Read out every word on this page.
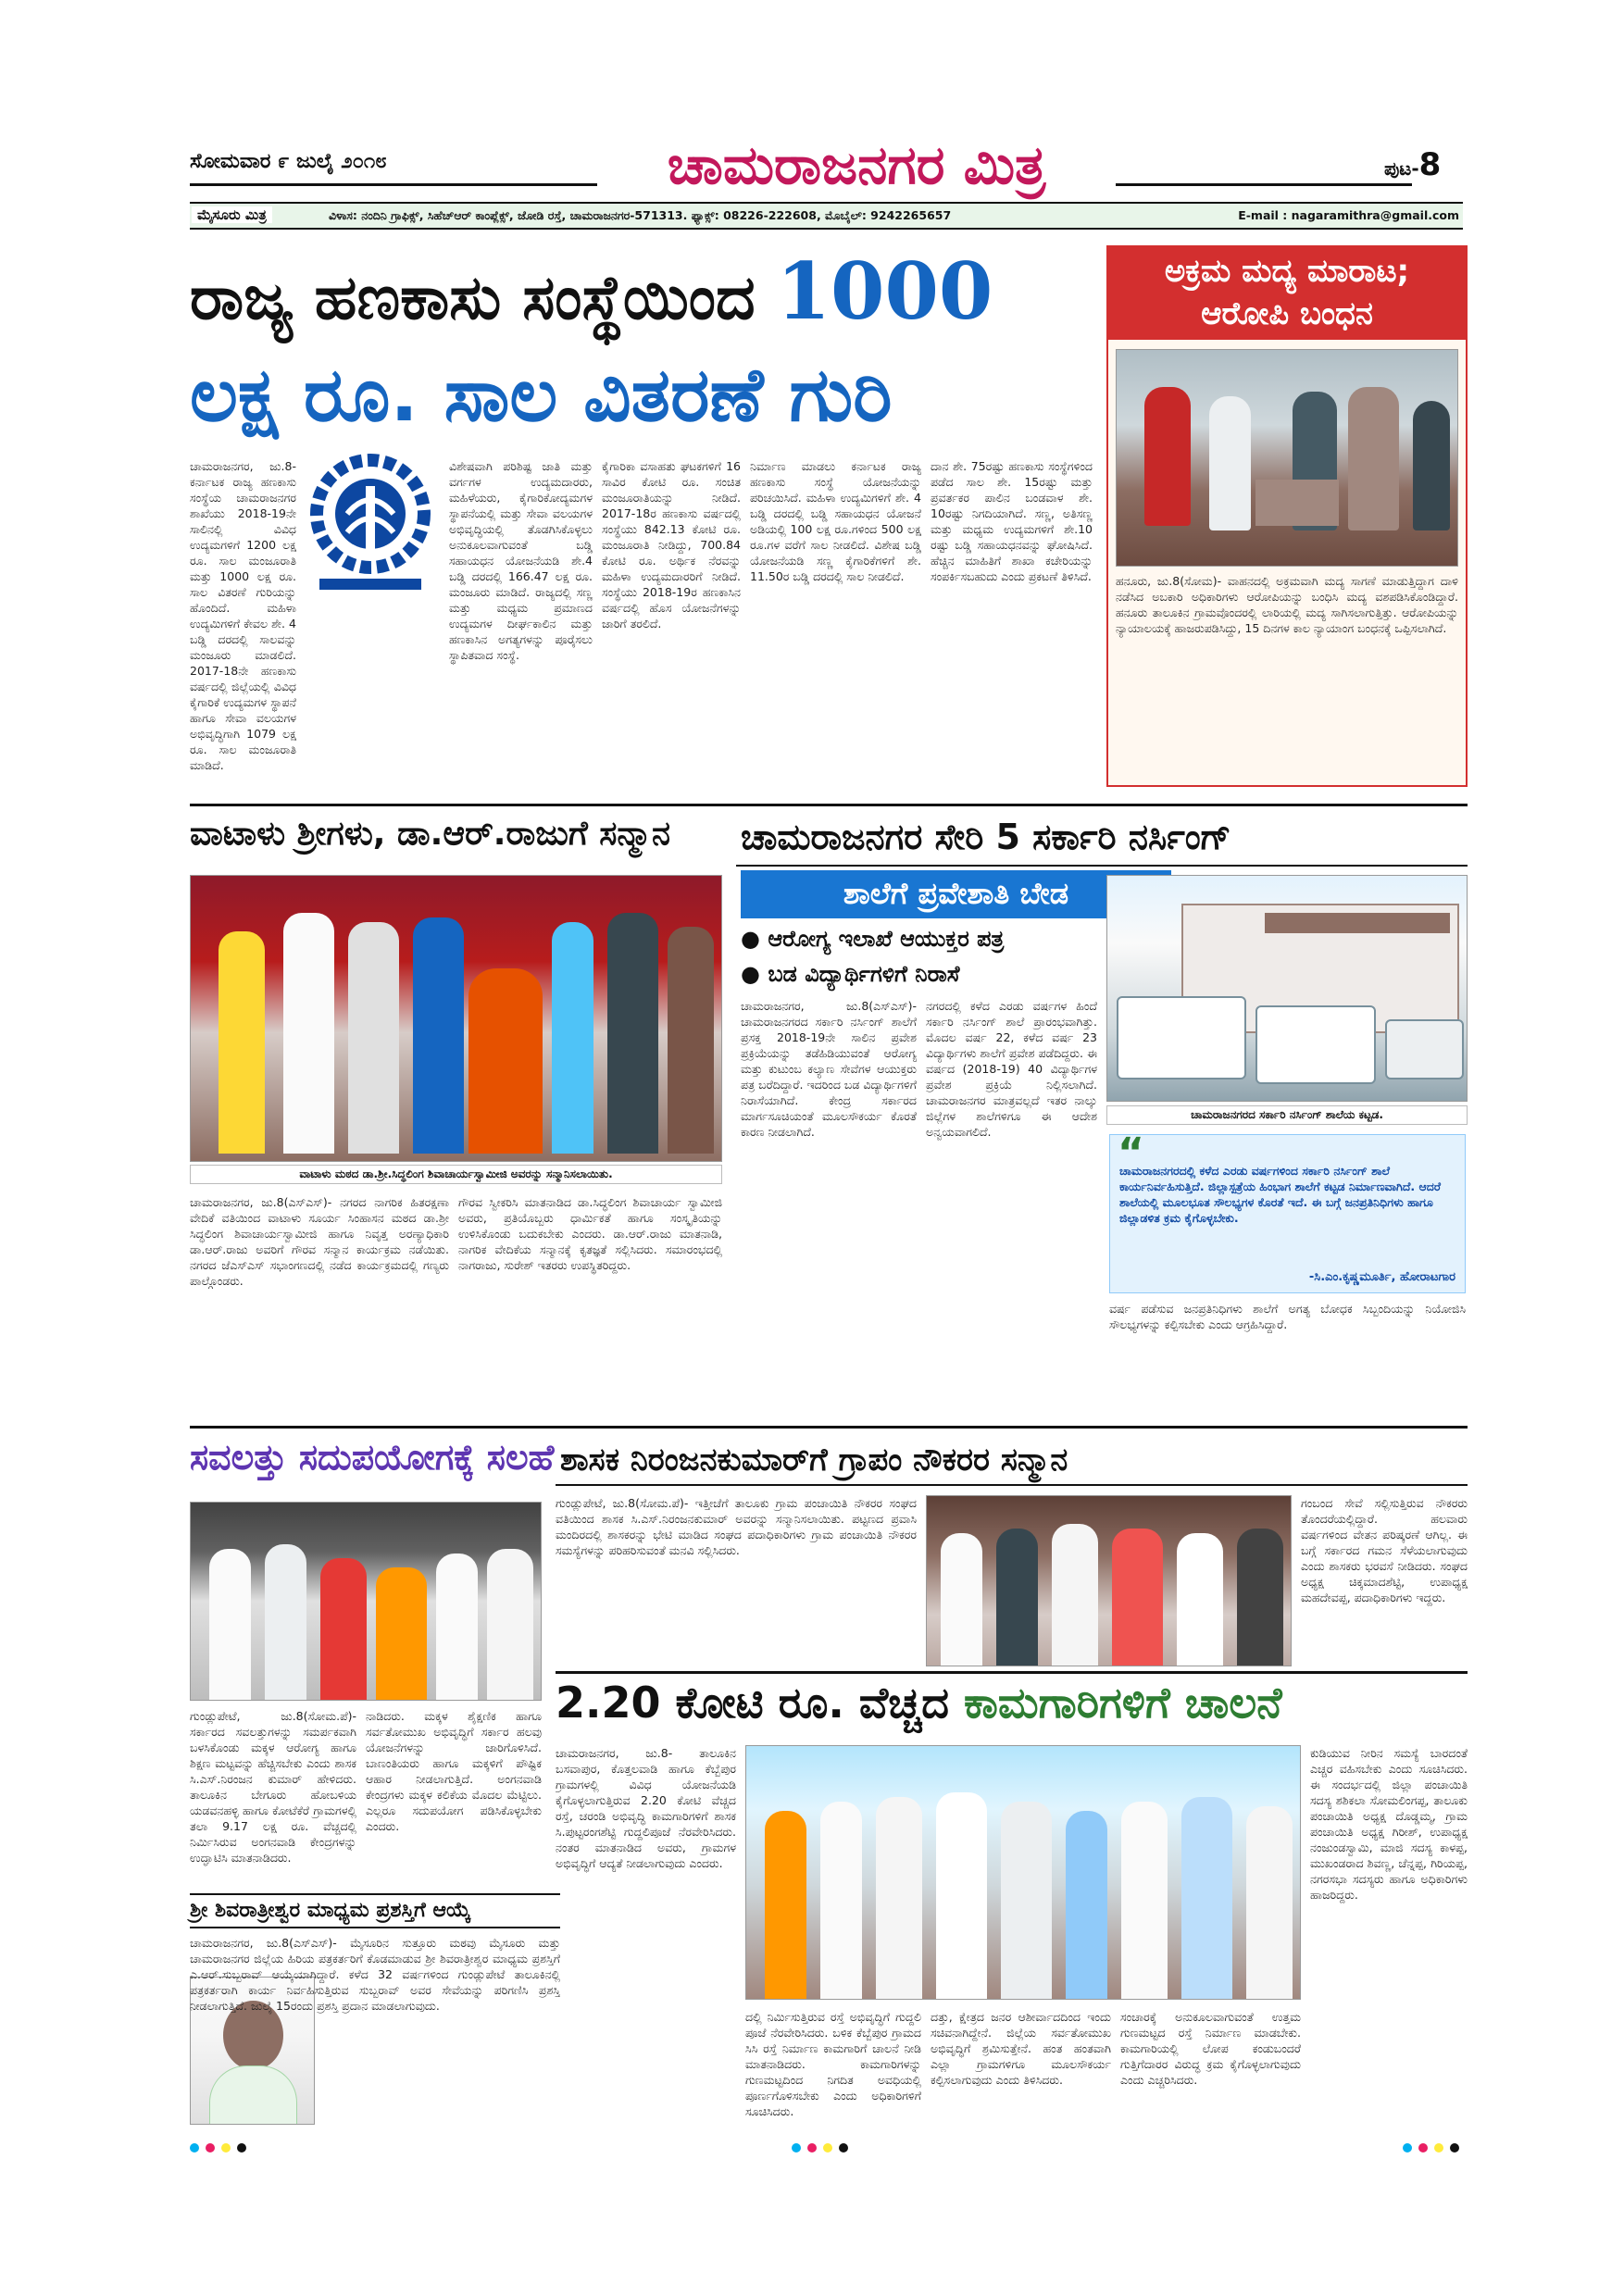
ಸೋಮವಾರ ೯ ಜುಲೈ ೨೦೧೮	ಚಾಮರಾಜನಗರ ಮಿತ್ರ	ಪುಟ-8
ಮೈಸೂರು ಮಿತ್ರ	ವಿಳಾಸ: ನಂದಿನಿ ಗ್ರಾಫಿಕ್ಸ್, ಸಿಹೆಚ್‌ಆರ್ ಕಾಂಪ್ಲೆಕ್ಸ್, ಜೋಡಿ ರಸ್ತೆ, ಚಾಮರಾಜನಗರ-571313. ಫ್ಯಾಕ್ಸ್: 08226-222608, ಮೊಬೈಲ್: 9242265657	E-mail : nagaramithra@gmail.com
ರಾಜ್ಯ ಹಣಕಾಸು ಸಂಸ್ಥೆಯಿಂದ 1000
ಲಕ್ಷ ರೂ. ಸಾಲ ವಿತರಣೆ ಗುರಿ
ಚಾಮರಾಜನಗರ, ಜು.8- ಕರ್ನಾಟಕ ರಾಜ್ಯ ಹಣಕಾಸು ಸಂಸ್ಥೆಯ ಚಾಮರಾಜನಗರ ಶಾಖೆಯು 2018-19ನೇ ಸಾಲಿನಲ್ಲಿ ವಿವಿಧ ಉದ್ಯಮಗಳಿಗೆ 1200 ಲಕ್ಷ ರೂ. ಸಾಲ ಮಂಜೂರಾತಿ ಮತ್ತು 1000 ಲಕ್ಷ ರೂ. ಸಾಲ ವಿತರಣೆ ಗುರಿಯನ್ನು ಹೊಂದಿದೆ. ಮಹಿಳಾ ಉದ್ಯಮಿಗಳಿಗೆ ಕೇವಲ ಶೇ. 4 ಬಡ್ಡಿ ದರದಲ್ಲಿ ಸಾಲವನ್ನು ಮಂಜೂರು ಮಾಡಲಿದೆ. 2017-18ನೇ ಹಣಕಾಸು ವರ್ಷದಲ್ಲಿ ಜಿಲ್ಲೆಯಲ್ಲಿ ವಿವಿಧ ಕೈಗಾರಿಕೆ ಉದ್ಯಮಗಳ ಸ್ಥಾಪನೆ ಹಾಗೂ ಸೇವಾ ವಲಯಗಳ ಅಭಿವೃದ್ಧಿಗಾಗಿ 1079 ಲಕ್ಷ ರೂ. ಸಾಲ ಮಂಜೂರಾತಿ ಮಾಡಿದೆ.
ವಿಶೇಷವಾಗಿ ಪರಿಶಿಷ್ಟ ಜಾತಿ ಮತ್ತು ವರ್ಗಗಳ ಉದ್ಯಮದಾರರು, ಮಹಿಳೆಯರು, ಕೈಗಾರಿಕೋದ್ಯಮಗಳ ಸ್ಥಾಪನೆಯಲ್ಲಿ ಮತ್ತು ಸೇವಾ ವಲಯಗಳ ಅಭಿವೃದ್ಧಿಯಲ್ಲಿ ತೊಡಗಿಸಿಕೊಳ್ಳಲು ಅನುಕೂಲವಾಗುವಂತೆ ಬಡ್ಡಿ ಸಹಾಯಧನ ಯೋಜನೆಯಡಿ ಶೇ.4 ಬಡ್ಡಿ ದರದಲ್ಲಿ 166.47 ಲಕ್ಷ ರೂ. ಮಂಜೂರು ಮಾಡಿದೆ. ರಾಜ್ಯದಲ್ಲಿ ಸಣ್ಣ ಮತ್ತು ಮಧ್ಯಮ ಪ್ರಮಾಣದ ಉದ್ಯಮಗಳ ದೀರ್ಘಕಾಲಿನ ಮತ್ತು ಹಣಕಾಸಿನ ಅಗತ್ಯಗಳನ್ನು ಪೂರೈಸಲು ಸ್ಥಾಪಿತವಾದ ಸಂಸ್ಥೆ.
ಕೈಗಾರಿಕಾ ವಸಾಹತು ಘಟಕಗಳಿಗೆ 16 ಸಾವಿರ ಕೋಟಿ ರೂ. ಸಂಚಿತ ಮಂಜೂರಾತಿಯನ್ನು ನೀಡಿದೆ. 2017-18ರ ಹಣಕಾಸು ವರ್ಷದಲ್ಲಿ ಸಂಸ್ಥೆಯು 842.13 ಕೋಟಿ ರೂ. ಮಂಜೂರಾತಿ ನೀಡಿದ್ದು, 700.84 ಕೋಟಿ ರೂ. ಅರ್ಥಿಕ ನೆರವನ್ನು ಮಹಿಳಾ ಉದ್ಯಮದಾರರಿಗೆ ನೀಡಿದೆ. ಸಂಸ್ಥೆಯು 2018-19ರ ಹಣಕಾಸಿನ ವರ್ಷದಲ್ಲಿ ಹೊಸ ಯೋಜನೆಗಳನ್ನು ಜಾರಿಗೆ ತರಲಿದೆ.
ನಿರ್ಮಾಣ ಮಾಡಲು ಕರ್ನಾಟಕ ರಾಜ್ಯ ಹಣಕಾಸು ಸಂಸ್ಥೆ ಯೋಜನೆಯನ್ನು ಪರಿಚಯಿಸಿದೆ. ಮಹಿಳಾ ಉದ್ಯಮಿಗಳಿಗೆ ಶೇ. 4 ಬಡ್ಡಿ ದರದಲ್ಲಿ ಬಡ್ಡಿ ಸಹಾಯಧನ ಯೋಜನೆ ಅಡಿಯಲ್ಲಿ 100 ಲಕ್ಷ ರೂ.ಗಳಿಂದ 500 ಲಕ್ಷ ರೂ.ಗಳ ವರೆಗೆ ಸಾಲ ನೀಡಲಿದೆ. ವಿಶೇಷ ಬಡ್ಡಿ ಯೋಜನೆಯಡಿ ಸಣ್ಣ ಕೈಗಾರಿಕೆಗಳಿಗೆ ಶೇ. 11.50ರ ಬಡ್ಡಿ ದರದಲ್ಲಿ ಸಾಲ ನೀಡಲಿದೆ.
ದಾನ ಶೇ. 75ರಷ್ಟು ಹಣಕಾಸು ಸಂಸ್ಥೆಗಳಿಂದ ಪಡೆದ ಸಾಲ ಶೇ. 15ರಷ್ಟು ಮತ್ತು ಪ್ರವರ್ತಕರ ಪಾಲಿನ ಬಂಡವಾಳ ಶೇ. 10ರಷ್ಟು ನಿಗದಿಯಾಗಿದೆ. ಸಣ್ಣ, ಅತಿಸಣ್ಣ ಮತ್ತು ಮಧ್ಯಮ ಉದ್ಯಮಗಳಿಗೆ ಶೇ.10 ರಷ್ಟು ಬಡ್ಡಿ ಸಹಾಯಧನವನ್ನು ಘೋಷಿಸಿದೆ. ಹೆಚ್ಚಿನ ಮಾಹಿತಿಗೆ ಶಾಖಾ ಕಚೇರಿಯನ್ನು ಸಂಪರ್ಕಿಸಬಹುದು ಎಂದು ಪ್ರಕಟಣೆ ತಿಳಿಸಿದೆ.
ಅಕ್ರಮ ಮದ್ಯ ಮಾರಾಟ;
ಆರೋಪಿ ಬಂಧನ
ಹನೂರು, ಜು.8(ಸೋಮ)- ವಾಹನದಲ್ಲಿ ಅಕ್ರಮವಾಗಿ ಮದ್ಯ ಸಾಗಣೆ ಮಾಡುತ್ತಿದ್ದಾಗ ದಾಳಿ ನಡೆಸಿದ ಅಬಕಾರಿ ಅಧಿಕಾರಿಗಳು ಆರೋಪಿಯನ್ನು ಬಂಧಿಸಿ ಮದ್ಯ ವಶಪಡಿಸಿಕೊಂಡಿದ್ದಾರೆ. ಹನೂರು ತಾಲೂಕಿನ ಗ್ರಾಮವೊಂದರಲ್ಲಿ ಲಾರಿಯಲ್ಲಿ ಮದ್ಯ ಸಾಗಿಸಲಾಗುತ್ತಿತ್ತು. ಆರೋಪಿಯನ್ನು ನ್ಯಾಯಾಲಯಕ್ಕೆ ಹಾಜರುಪಡಿಸಿದ್ದು, 15 ದಿನಗಳ ಕಾಲ ನ್ಯಾಯಾಂಗ ಬಂಧನಕ್ಕೆ ಒಪ್ಪಿಸಲಾಗಿದೆ.
ವಾಟಾಳು ಶ್ರೀಗಳು, ಡಾ.ಆರ್.ರಾಜುಗೆ ಸನ್ಮಾನ
ವಾಟಾಳು ಮಠದ ಡಾ.ಶ್ರೀ.ಸಿದ್ಧಲಿಂಗ ಶಿವಾಚಾರ್ಯಸ್ವಾಮೀಜಿ ಅವರನ್ನು ಸನ್ಮಾನಿಸಲಾಯಿತು.
ಚಾಮರಾಜನಗರ, ಜು.8(ಎಸ್‌ಎಸ್)- ನಗರದ ನಾಗರಿಕ ಹಿತರಕ್ಷಣಾ ವೇದಿಕೆ ವತಿಯಿಂದ ವಾಟಾಳು ಸೂರ್ಯ ಸಿಂಹಾಸನ ಮಠದ ಡಾ.ಶ್ರೀ ಸಿದ್ಧಲಿಂಗ ಶಿವಾಚಾರ್ಯಸ್ವಾಮೀಜಿ ಹಾಗೂ ನಿವೃತ್ತ ಅರಣ್ಯಾಧಿಕಾರಿ ಡಾ.ಆರ್.ರಾಜು ಅವರಿಗೆ ಗೌರವ ಸನ್ಮಾನ ಕಾರ್ಯಕ್ರಮ ನಡೆಯಿತು. ನಗರದ ಜೆಎಸ್‌ಎಸ್ ಸಭಾಂಗಣದಲ್ಲಿ ನಡೆದ ಕಾರ್ಯಕ್ರಮದಲ್ಲಿ ಗಣ್ಯರು ಪಾಲ್ಗೊಂಡರು.
ಗೌರವ ಸ್ವೀಕರಿಸಿ ಮಾತನಾಡಿದ ಡಾ.ಸಿದ್ಧಲಿಂಗ ಶಿವಾಚಾರ್ಯ ಸ್ವಾಮೀಜಿ ಅವರು, ಪ್ರತಿಯೊಬ್ಬರು ಧಾರ್ಮಿಕತೆ ಹಾಗೂ ಸಂಸ್ಕೃತಿಯನ್ನು ಉಳಿಸಿಕೊಂಡು ಬದುಕಬೇಕು ಎಂದರು. ಡಾ.ಆರ್.ರಾಜು ಮಾತನಾಡಿ, ನಾಗರಿಕ ವೇದಿಕೆಯ ಸನ್ಮಾನಕ್ಕೆ ಕೃತಜ್ಞತೆ ಸಲ್ಲಿಸಿದರು. ಸಮಾರಂಭದಲ್ಲಿ ನಾಗರಾಜು, ಸುರೇಶ್ ಇತರರು ಉಪಸ್ಥಿತರಿದ್ದರು.
ಚಾಮರಾಜನಗರ ಸೇರಿ 5 ಸರ್ಕಾರಿ ನರ್ಸಿಂಗ್
ಶಾಲೆಗೆ ಪ್ರವೇಶಾತಿ ಬೇಡ
● ಆರೋಗ್ಯ ಇಲಾಖೆ ಆಯುಕ್ತರ ಪತ್ರ
● ಬಡ ವಿದ್ಯಾರ್ಥಿಗಳಿಗೆ ನಿರಾಸೆ
ಚಾಮರಾಜನಗರದ ಸರ್ಕಾರಿ ನರ್ಸಿಂಗ್ ಶಾಲೆಯ ಕಟ್ಟಡ.
ಚಾಮರಾಜನಗರ, ಜು.8(ಎಸ್‌ಎಸ್)- ಚಾಮರಾಜನಗರದ ಸರ್ಕಾರಿ ನರ್ಸಿಂಗ್ ಶಾಲೆಗೆ ಪ್ರಸಕ್ತ 2018-19ನೇ ಸಾಲಿನ ಪ್ರವೇಶ ಪ್ರಕ್ರಿಯೆಯನ್ನು ತಡೆಹಿಡಿಯುವಂತೆ ಆರೋಗ್ಯ ಮತ್ತು ಕುಟುಂಬ ಕಲ್ಯಾಣ ಸೇವೆಗಳ ಆಯುಕ್ತರು ಪತ್ರ ಬರೆದಿದ್ದಾರೆ. ಇದರಿಂದ ಬಡ ವಿದ್ಯಾರ್ಥಿಗಳಿಗೆ ನಿರಾಸೆಯಾಗಿದೆ. ಕೇಂದ್ರ ಸರ್ಕಾರದ ಮಾರ್ಗಸೂಚಿಯಂತೆ ಮೂಲಸೌಕರ್ಯ ಕೊರತೆ ಕಾರಣ ನೀಡಲಾಗಿದೆ.
ನಗರದಲ್ಲಿ ಕಳೆದ ಎರಡು ವರ್ಷಗಳ ಹಿಂದೆ ಸರ್ಕಾರಿ ನರ್ಸಿಂಗ್ ಶಾಲೆ ಪ್ರಾರಂಭವಾಗಿತ್ತು. ಮೊದಲ ವರ್ಷ 22, ಕಳೆದ ವರ್ಷ 23 ವಿದ್ಯಾರ್ಥಿಗಳು ಶಾಲೆಗೆ ಪ್ರವೇಶ ಪಡೆದಿದ್ದರು. ಈ ವರ್ಷದ (2018-19) 40 ವಿದ್ಯಾರ್ಥಿಗಳ ಪ್ರವೇಶ ಪ್ರಕ್ರಿಯೆ ನಿಲ್ಲಿಸಲಾಗಿದೆ. ಚಾಮರಾಜನಗರ ಮಾತ್ರವಲ್ಲದೆ ಇತರ ನಾಲ್ಕು ಜಿಲ್ಲೆಗಳ ಶಾಲೆಗಳಿಗೂ ಈ ಆದೇಶ ಅನ್ವಯವಾಗಲಿದೆ.	“
ಚಾಮರಾಜನಗರದಲ್ಲಿ ಕಳೆದ ಎರಡು ವರ್ಷಗಳಿಂದ ಸರ್ಕಾರಿ ನರ್ಸಿಂಗ್ ಶಾಲೆ ಕಾರ್ಯನಿರ್ವಹಿಸುತ್ತಿದೆ. ಜಿಲ್ಲಾಸ್ಪತ್ರೆಯ ಹಿಂಭಾಗ ಶಾಲೆಗೆ ಕಟ್ಟಡ ನಿರ್ಮಾಣವಾಗಿದೆ. ಆದರೆ ಶಾಲೆಯಲ್ಲಿ ಮೂಲಭೂತ ಸೌಲಭ್ಯಗಳ ಕೊರತೆ ಇದೆ. ಈ ಬಗ್ಗೆ ಜನಪ್ರತಿನಿಧಿಗಳು ಹಾಗೂ ಜಿಲ್ಲಾಡಳಿತ ಕ್ರಮ ಕೈಗೊಳ್ಳಬೇಕು.
-ಸಿ.ಎಂ.ಕೃಷ್ಣಮೂರ್ತಿ, ಹೋರಾಟಗಾರ
ವರ್ಷ ಪಡೆಸುವ ಜನಪ್ರತಿನಿಧಿಗಳು ಶಾಲೆಗೆ ಅಗತ್ಯ ಬೋಧಕ ಸಿಬ್ಬಂದಿಯನ್ನು ನಿಯೋಜಿಸಿ ಸೌಲಭ್ಯಗಳನ್ನು ಕಲ್ಪಿಸಬೇಕು ಎಂದು ಆಗ್ರಹಿಸಿದ್ದಾರೆ.
ಸವಲತ್ತು ಸದುಪಯೋಗಕ್ಕೆ ಸಲಹೆ
ಗುಂಡ್ಲುಪೇಟೆ, ಜು.8(ಸೋಮ.ಪೆ)- ಸರ್ಕಾರದ ಸವಲತ್ತುಗಳನ್ನು ಸಮರ್ಪಕವಾಗಿ ಬಳಸಿಕೊಂಡು ಮಕ್ಕಳ ಆರೋಗ್ಯ ಹಾಗೂ ಶಿಕ್ಷಣ ಮಟ್ಟವನ್ನು ಹೆಚ್ಚಿಸಬೇಕು ಎಂದು ಶಾಸಕ ಸಿ.ಎಸ್.ನಿರಂಜನ ಕುಮಾರ್ ಹೇಳಿದರು. ತಾಲೂಕಿನ ಬೇಗೂರು ಹೋಬಳಿಯ ಯಡವನಹಳ್ಳಿ ಹಾಗೂ ಕೋಟೆಕೆರೆ ಗ್ರಾಮಗಳಲ್ಲಿ ತಲಾ 9.17 ಲಕ್ಷ ರೂ. ವೆಚ್ಚದಲ್ಲಿ ನಿರ್ಮಿಸಿರುವ ಅಂಗನವಾಡಿ ಕೇಂದ್ರಗಳನ್ನು ಉದ್ಘಾಟಿಸಿ ಮಾತನಾಡಿದರು.
ನಾಡಿದರು. ಮಕ್ಕಳ ಶೈಕ್ಷಣಿಕ ಹಾಗೂ ಸರ್ವತೋಮುಖ ಅಭಿವೃದ್ಧಿಗೆ ಸರ್ಕಾರ ಹಲವು ಯೋಜನೆಗಳನ್ನು ಜಾರಿಗೊಳಿಸಿದೆ. ಬಾಣಂತಿಯರು ಹಾಗೂ ಮಕ್ಕಳಿಗೆ ಪೌಷ್ಟಿಕ ಆಹಾರ ನೀಡಲಾಗುತ್ತಿದೆ. ಅಂಗನವಾಡಿ ಕೇಂದ್ರಗಳು ಮಕ್ಕಳ ಕಲಿಕೆಯ ಮೊದಲ ಮೆಟ್ಟಿಲು. ಎಲ್ಲರೂ ಸದುಪಯೋಗ ಪಡಿಸಿಕೊಳ್ಳಬೇಕು ಎಂದರು.
ಶ್ರೀ ಶಿವರಾತ್ರೀಶ್ವರ ಮಾಧ್ಯಮ ಪ್ರಶಸ್ತಿಗೆ ಆಯ್ಕೆ
ಚಾಮರಾಜನಗರ, ಜು.8(ಎಸ್‌ಎಸ್)- ಮೈಸೂರಿನ ಸುತ್ತೂರು ಮಠವು ಮೈಸೂರು ಮತ್ತು ಚಾಮರಾಜನಗರ ಜಿಲ್ಲೆಯ ಹಿರಿಯ ಪತ್ರಕರ್ತರಿಗೆ ಕೊಡಮಾಡುವ ಶ್ರೀ ಶಿವರಾತ್ರೀಶ್ವರ ಮಾಧ್ಯಮ ಪ್ರಶಸ್ತಿಗೆ ಎ.ಆರ್.ಸುಬ್ಬರಾವ್ ಆಯ್ಕೆಯಾಗಿದ್ದಾರೆ. ಕಳೆದ 32 ವರ್ಷಗಳಿಂದ ಗುಂಡ್ಲುಪೇಟೆ ತಾಲೂಕಿನಲ್ಲಿ ಪತ್ರಕರ್ತರಾಗಿ ಕಾರ್ಯ ನಿರ್ವಹಿಸುತ್ತಿರುವ ಸುಬ್ಬರಾವ್ ಅವರ ಸೇವೆಯನ್ನು ಪರಿಗಣಿಸಿ ಪ್ರಶಸ್ತಿ ನೀಡಲಾಗುತ್ತಿದೆ. ಜುಲೈ 15ರಂದು ಪ್ರಶಸ್ತಿ ಪ್ರದಾನ ಮಾಡಲಾಗುವುದು.
ಶಾಸಕ ನಿರಂಜನಕುಮಾರ್‌ಗೆ ಗ್ರಾಪಂ ನೌಕರರ ಸನ್ಮಾನ
ಗುಂಡ್ಲುಪೇಟೆ, ಜು.8(ಸೋಮ.ಪೆ)- ಇತ್ತೀಚೆಗೆ ತಾಲೂಕು ಗ್ರಾಮ ಪಂಚಾಯಿತಿ ನೌಕರರ ಸಂಘದ ವತಿಯಿಂದ ಶಾಸಕ ಸಿ.ಎಸ್.ನಿರಂಜನಕುಮಾರ್ ಅವರನ್ನು ಸನ್ಮಾನಿಸಲಾಯಿತು. ಪಟ್ಟಣದ ಪ್ರವಾಸಿ ಮಂದಿರದಲ್ಲಿ ಶಾಸಕರನ್ನು ಭೇಟಿ ಮಾಡಿದ ಸಂಘದ ಪದಾಧಿಕಾರಿಗಳು ಗ್ರಾಮ ಪಂಚಾಯಿತಿ ನೌಕರರ ಸಮಸ್ಯೆಗಳನ್ನು ಪರಿಹರಿಸುವಂತೆ ಮನವಿ ಸಲ್ಲಿಸಿದರು.
ಗಂಬಂದ ಸೇವೆ ಸಲ್ಲಿಸುತ್ತಿರುವ ನೌಕರರು ತೊಂದರೆಯಲ್ಲಿದ್ದಾರೆ. ಹಲವಾರು ವರ್ಷಗಳಿಂದ ವೇತನ ಪರಿಷ್ಕರಣೆ ಆಗಿಲ್ಲ. ಈ ಬಗ್ಗೆ ಸರ್ಕಾರದ ಗಮನ ಸೆಳೆಯಲಾಗುವುದು ಎಂದು ಶಾಸಕರು ಭರವಸೆ ನೀಡಿದರು. ಸಂಘದ ಅಧ್ಯಕ್ಷ ಚಿಕ್ಕಮಾದಶೆಟ್ಟಿ, ಉಪಾಧ್ಯಕ್ಷ ಮಹದೇವಪ್ಪ, ಪದಾಧಿಕಾರಿಗಳು ಇದ್ದರು.
2.20 ಕೋಟಿ ರೂ. ವೆಚ್ಚದ ಕಾಮಗಾರಿಗಳಿಗೆ ಚಾಲನೆ
ಚಾಮರಾಜನಗರ, ಜು.8- ತಾಲೂಕಿನ ಬಸವಾಪುರ, ಕೊತ್ತಲವಾಡಿ ಹಾಗೂ ಕೆಬ್ಬೆಪುರ ಗ್ರಾಮಗಳಲ್ಲಿ ವಿವಿಧ ಯೋಜನೆಯಡಿ ಕೈಗೊಳ್ಳಲಾಗುತ್ತಿರುವ 2.20 ಕೋಟಿ ವೆಚ್ಚದ ರಸ್ತೆ, ಚರಂಡಿ ಅಭಿವೃದ್ಧಿ ಕಾಮಗಾರಿಗಳಿಗೆ ಶಾಸಕ ಸಿ.ಪುಟ್ಟರಂಗಶೆಟ್ಟಿ ಗುದ್ದಲಿಪೂಜೆ ನೆರವೇರಿಸಿದರು. ನಂತರ ಮಾತನಾಡಿದ ಅವರು, ಗ್ರಾಮಗಳ ಅಭಿವೃದ್ಧಿಗೆ ಆದ್ಯತೆ ನೀಡಲಾಗುವುದು ಎಂದರು.
ದಲ್ಲಿ ನಿರ್ಮಿಸುತ್ತಿರುವ ರಸ್ತೆ ಅಭಿವೃದ್ಧಿಗೆ ಗುದ್ದಲಿ ಪೂಜೆ ನೆರವೇರಿಸಿದರು. ಬಳಿಕ ಕೆಬ್ಬೆಪುರ ಗ್ರಾಮದ ಸಿಸಿ ರಸ್ತೆ ನಿರ್ಮಾಣ ಕಾಮಗಾರಿಗೆ ಚಾಲನೆ ನೀಡಿ ಮಾತನಾಡಿದರು. ಕಾಮಗಾರಿಗಳನ್ನು ಗುಣಮಟ್ಟದಿಂದ ನಿಗದಿತ ಅವಧಿಯಲ್ಲಿ ಪೂರ್ಣಗೊಳಿಸಬೇಕು ಎಂದು ಅಧಿಕಾರಿಗಳಿಗೆ ಸೂಚಿಸಿದರು.
ದತ್ತು, ಕ್ಷೇತ್ರದ ಜನರ ಆಶೀರ್ವಾದದಿಂದ ಇಂದು ಸಚಿವನಾಗಿದ್ದೇನೆ. ಜಿಲ್ಲೆಯ ಸರ್ವತೋಮುಖ ಅಭಿವೃದ್ಧಿಗೆ ಶ್ರಮಿಸುತ್ತೇನೆ. ಹಂತ ಹಂತವಾಗಿ ಎಲ್ಲಾ ಗ್ರಾಮಗಳಿಗೂ ಮೂಲಸೌಕರ್ಯ ಕಲ್ಪಿಸಲಾಗುವುದು ಎಂದು ತಿಳಿಸಿದರು.
ಸಂಚಾರಕ್ಕೆ ಅನುಕೂಲವಾಗುವಂತೆ ಉತ್ತಮ ಗುಣಮಟ್ಟದ ರಸ್ತೆ ನಿರ್ಮಾಣ ಮಾಡಬೇಕು. ಕಾಮಗಾರಿಯಲ್ಲಿ ಲೋಪ ಕಂಡುಬಂದರೆ ಗುತ್ತಿಗೆದಾರರ ವಿರುದ್ಧ ಕ್ರಮ ಕೈಗೊಳ್ಳಲಾಗುವುದು ಎಂದು ಎಚ್ಚರಿಸಿದರು.
ಕುಡಿಯುವ ನೀರಿನ ಸಮಸ್ಯೆ ಬಾರದಂತೆ ಎಚ್ಚರ ವಹಿಸಬೇಕು ಎಂದು ಸೂಚಿಸಿದರು. ಈ ಸಂದರ್ಭದಲ್ಲಿ ಜಿಲ್ಲಾ ಪಂಚಾಯಿತಿ ಸದಸ್ಯ ಶಶಿಕಲಾ ಸೋಮಲಿಂಗಪ್ಪ, ತಾಲೂಕು ಪಂಚಾಯಿತಿ ಅಧ್ಯಕ್ಷ ದೊಡ್ಡಮ್ಮ, ಗ್ರಾಮ ಪಂಚಾಯಿತಿ ಅಧ್ಯಕ್ಷ ಗಿರೀಶ್, ಉಪಾಧ್ಯಕ್ಷ ನಂಜುಂಡಸ್ವಾಮಿ, ಮಾಜಿ ಸದಸ್ಯ ಕಾಳಪ್ಪ, ಮುಖಂಡರಾದ ಶಿವಣ್ಣ, ಚೆನ್ನಪ್ಪ, ಗಿರಿಯಪ್ಪ, ನಗರಸಭಾ ಸದಸ್ಯರು ಹಾಗೂ ಅಧಿಕಾರಿಗಳು ಹಾಜರಿದ್ದರು.
